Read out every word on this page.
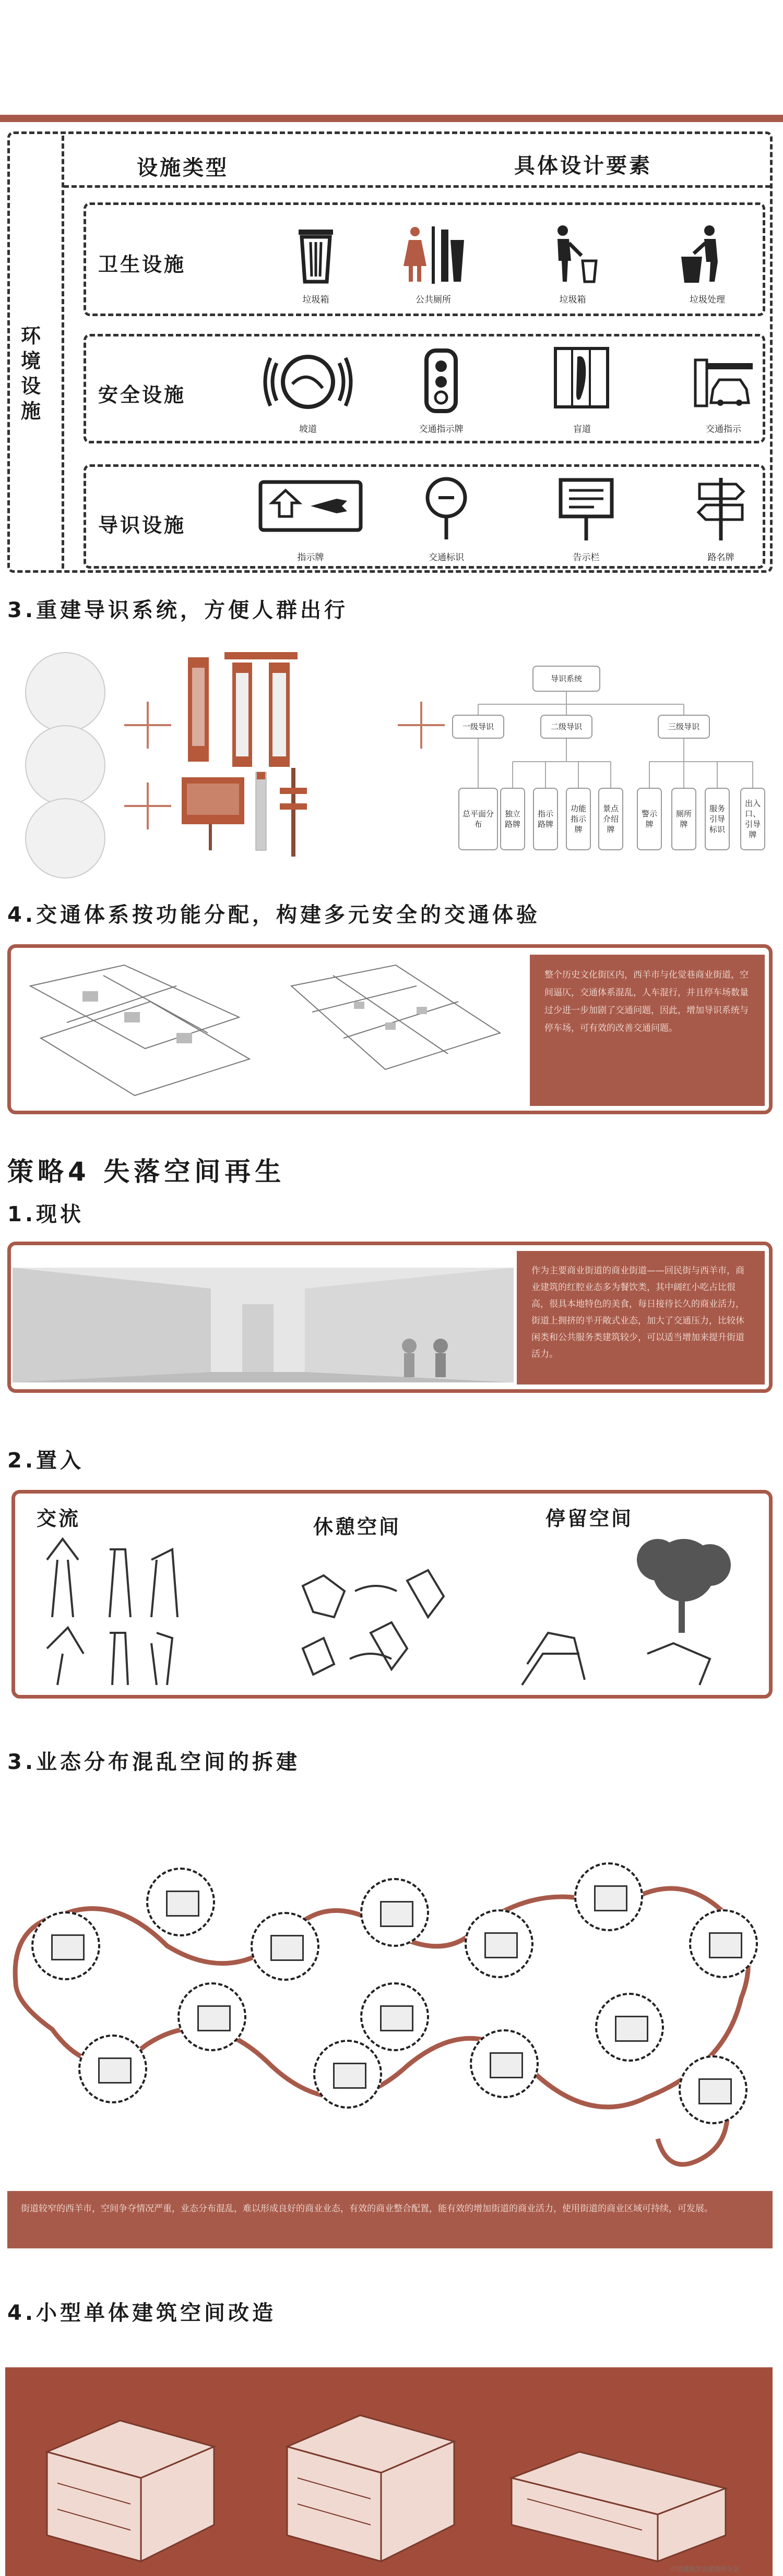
设施类型	具体设计要素
环境设施
卫生设施
垃圾箱	公共厕所	垃圾箱	垃圾处理
安全设施
坡道	交通指示牌	盲道	交通指示
导识设施
指示牌	交通标识	告示栏	路名牌
3.重建导识系统，方便人群出行
导识系统
一级导识	二级导识	三级导识
总平面分布
独立路牌
指示路牌
功能指示牌
景点介绍牌
警示牌
厕所牌
服务引导标识
出入口、引导牌
4.交通体系按功能分配，构建多元安全的交通体验
整个历史文化街区内，西羊市与化觉巷商业街道，空间逼仄，交通体系混乱，人车混行，并且停车场数量过少进一步加剧了交通问题，因此，增加导识系统与停车场，可有效的改善交通问题。
策略4 失落空间再生
1.现状
作为主要商业街道的商业街道——回民街与西羊市，商业建筑的红腔业态多为餐饮类，其中阔红小吃占比很高，很具本地特色的美食，每日接待长久的商业活力，街道上拥挤的半开敞式业态，加大了交通压力，比较休闲类和公共服务类建筑较少，可以适当增加来提升街道活力。
2.置入
交流	休憩空间	停留空间
3.业态分布混乱空间的拆建
街道较窄的西羊市，空间争夺情况严重，业态分布混乱，难以形成良好的商业业态，有效的商业整合配置，能有效的增加街道的商业活力，使用街道的商业区域可持续，可发展。
4.小型单体建筑空间改造
中国建筑学会建筑师分会
